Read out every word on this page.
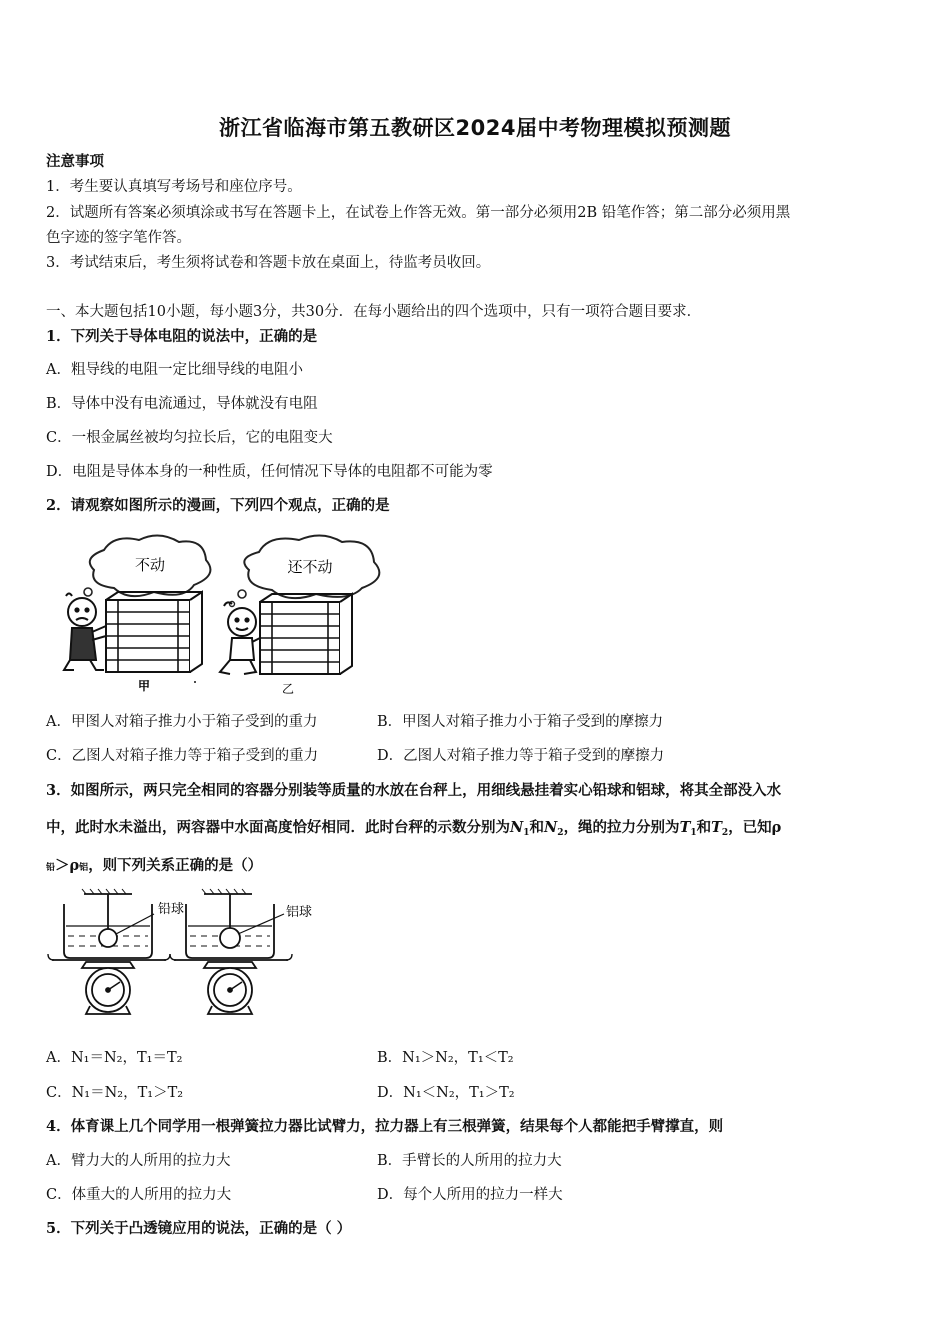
浙江省临海市第五教研区2024届中考物理模拟预测题
注意事项
1．考生要认真填写考场号和座位序号。
2．试题所有答案必须填涂或书写在答题卡上，在试卷上作答无效。第一部分必须用2B 铅笔作答；第二部分必须用黑
色字迹的签字笔作答。
3．考试结束后，考生须将试卷和答题卡放在桌面上，待监考员收回。
一、本大题包括10小题，每小题3分，共30分．在每小题给出的四个选项中，只有一项符合题目要求．
1．下列关于导体电阻的说法中，正确的是
A．粗导线的电阻一定比细导线的电阻小
B．导体中没有电流通过，导体就没有电阻
C．一根金属丝被均匀拉长后，它的电阻变大
D．电阻是导体本身的一种性质，任何情况下导体的电阻都不可能为零
2．请观察如图所示的漫画，下列四个观点，正确的是
不动	还不动
甲	乙
A．甲图人对箱子推力小于箱子受到的重力	B．甲图人对箱子推力小于箱子受到的摩擦力
C．乙图人对箱子推力等于箱子受到的重力	D．乙图人对箱子推力等于箱子受到的摩擦力
3．如图所示，两只完全相同的容器分别装等质量的水放在台秤上，用细线悬挂着实心铅球和铝球，将其全部没入水
中，此时水未溢出，两容器中水面高度恰好相同．此时台秤的示数分别为$N_1$和$N_2$，绳的拉力分别为$T_1$和$T_2$，已知ρ
铅＞ρ铝，则下列关系正确的是（）
铅球	铝球
A．N₁＝N₂，T₁＝T₂	B．N₁＞N₂，T₁＜T₂
C．N₁＝N₂，T₁＞T₂	D．N₁＜N₂，T₁＞T₂
4．体育课上几个同学用一根弹簧拉力器比试臂力，拉力器上有三根弹簧，结果每个人都能把手臂撑直，则
A．臂力大的人所用的拉力大	B．手臂长的人所用的拉力大
C．体重大的人所用的拉力大	D．每个人所用的拉力一样大
5．下列关于凸透镜应用的说法，正确的是（ ）
